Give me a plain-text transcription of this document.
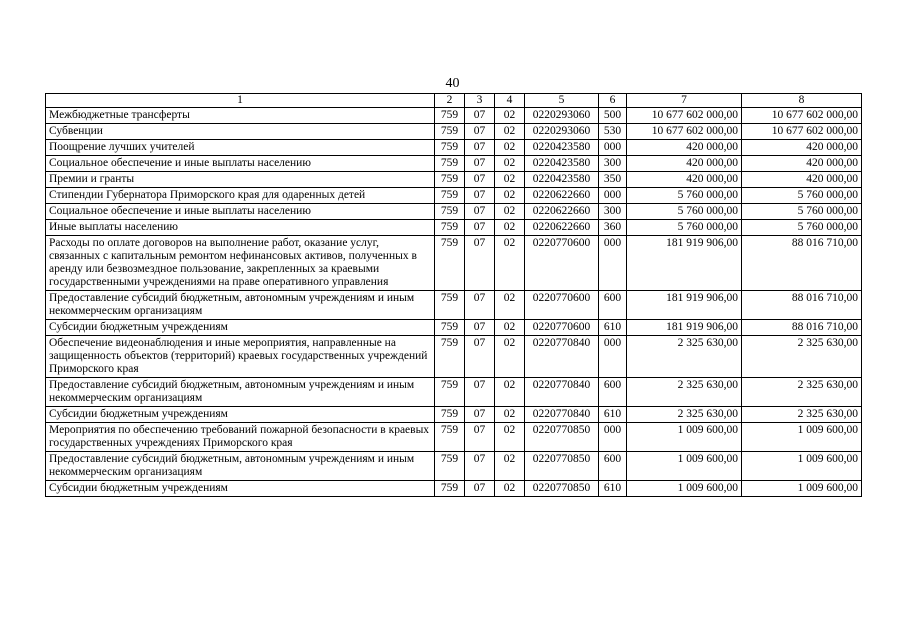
40
1	2	3	4	5	6	7	8
Межбюджетные трансферты	759	07	02	0220293060	500	10 677 602 000,00	10 677 602 000,00
Субвенции	759	07	02	0220293060	530	10 677 602 000,00	10 677 602 000,00
Поощрение лучших учителей	759	07	02	0220423580	000	420 000,00	420 000,00
Социальное обеспечение и иные выплаты населению	759	07	02	0220423580	300	420 000,00	420 000,00
Премии и гранты	759	07	02	0220423580	350	420 000,00	420 000,00
Стипендии Губернатора Приморского края для одаренных детей	759	07	02	0220622660	000	5 760 000,00	5 760 000,00
Социальное обеспечение и иные выплаты населению	759	07	02	0220622660	300	5 760 000,00	5 760 000,00
Иные выплаты населению	759	07	02	0220622660	360	5 760 000,00	5 760 000,00
Расходы по оплате договоров на выполнение работ, оказание услуг, связанных с капитальным ремонтом нефинансовых активов, полученных в аренду или безвозмездное пользование, закрепленных за краевыми государственными учреждениями на праве оперативного управления	759	07	02	0220770600	000	181 919 906,00	88 016 710,00
Предоставление субсидий бюджетным, автономным учреждениям и иным некоммерческим организациям	759	07	02	0220770600	600	181 919 906,00	88 016 710,00
Субсидии бюджетным учреждениям	759	07	02	0220770600	610	181 919 906,00	88 016 710,00
Обеспечение видеонаблюдения и иные мероприятия, направленные на защищенность объектов (территорий) краевых государственных учреждений Приморского края	759	07	02	0220770840	000	2 325 630,00	2 325 630,00
Предоставление субсидий бюджетным, автономным учреждениям и иным некоммерческим организациям	759	07	02	0220770840	600	2 325 630,00	2 325 630,00
Субсидии бюджетным учреждениям	759	07	02	0220770840	610	2 325 630,00	2 325 630,00
Мероприятия по обеспечению требований пожарной безопасности в краевых государственных учреждениях Приморского края	759	07	02	0220770850	000	1 009 600,00	1 009 600,00
Предоставление субсидий бюджетным, автономным учреждениям и иным некоммерческим организациям	759	07	02	0220770850	600	1 009 600,00	1 009 600,00
Субсидии бюджетным учреждениям	759	07	02	0220770850	610	1 009 600,00	1 009 600,00
